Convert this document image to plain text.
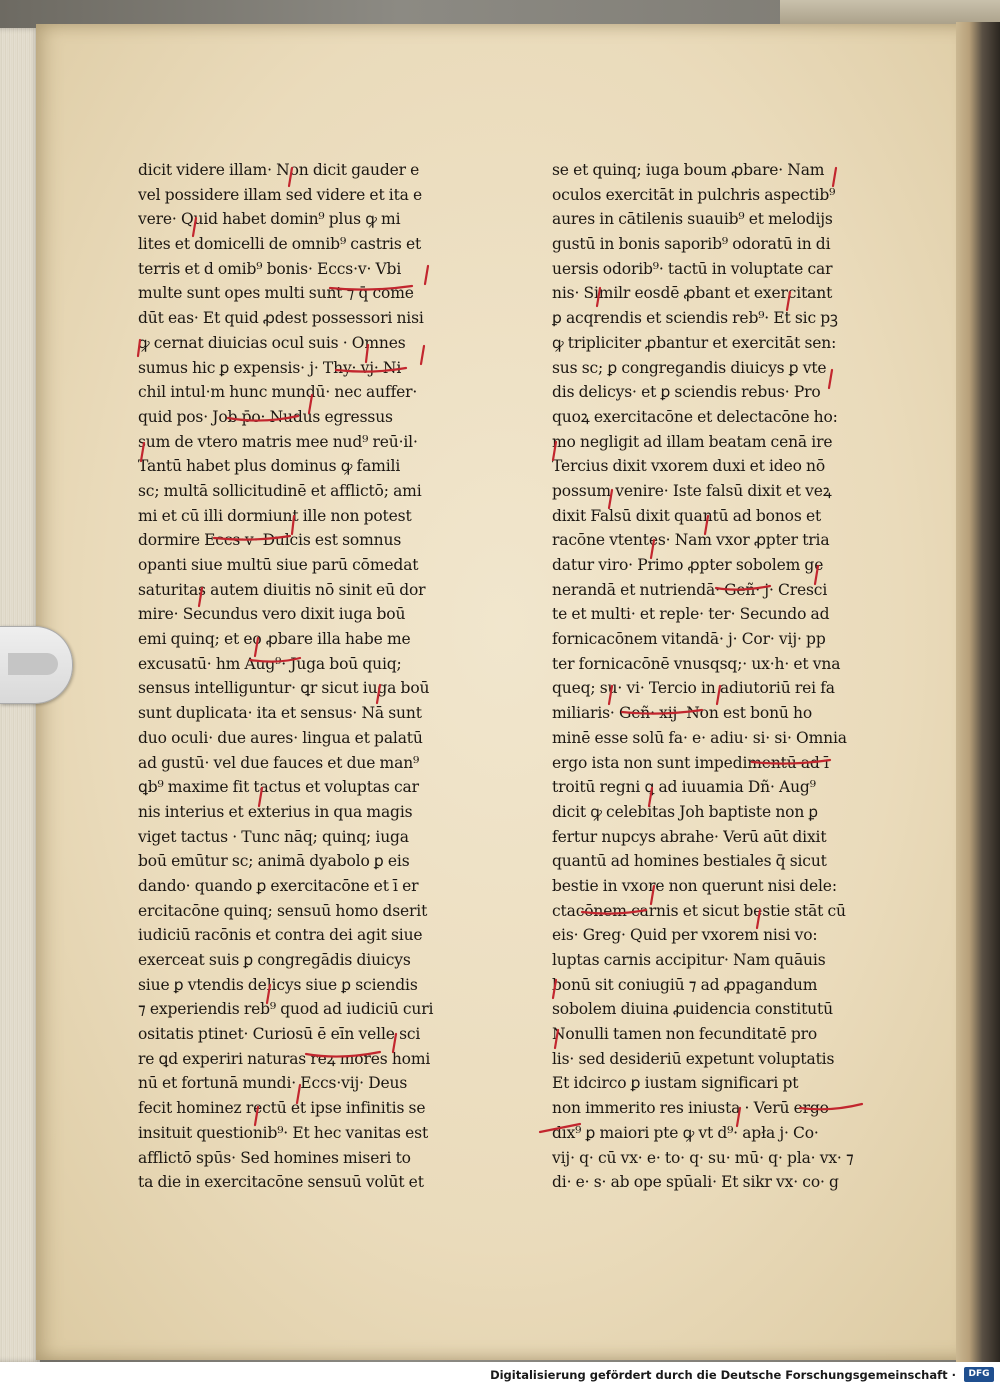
dicit videre illam· Non dicit gauder e
vel possidere illam sed videre et ita e
vere· Quid habet domin⁹ plus ꝙ mi
lites et domicelli de omnib⁹ castris et
terris et d omib⁹ bonis· Eccs·v· Vbi
multe sunt opes multi sunt ⁊ q̄ come
dūt eas· Et quid ꝓdest possessori nisi
ꝙ cernat diuicias ocul suis · Omnes
sumus hic ꝑ expensis· j· Thy· vj· Ni
chil intul·m hunc mundū· nec auffer·
quid pos· Job p̄o· Nudus egressus
sum de vtero matris mee nud⁹ reū·il·
Tantū habet plus dominus ꝙ famili
sc; multā sollicitudinē et afflictō; ami
mi et cū illi dormiunt ille non potest
dormire Eccs·v· Dulcis est somnus
opanti siue multū siue parū cōmedat
saturitas autem diuitis nō sinit eū dor
mire· Secundus vero dixit iuga boū
emi quinq; et eo ꝓbare illa habe me
excusatū· hm Aug⁹· Juga boū quiq;
sensus intelliguntur· ꝗr sicut iuga boū
sunt duplicata· ita et sensus· Nā sunt
duo oculi· due aures· lingua et palatū
ad gustū· vel due fauces et due man⁹
ꝗb⁹ maxime fit tactus et voluptas car
nis interius et exterius in qua magis
viget tactus · Tunc nāq; quinq; iuga
boū emūtur sc; animā dyabolo ꝑ eis
dando· quando ꝑ exercitacōne et ī er
ercitacōne quinq; sensuū homo dserit
iudiciū racōnis et contra dei agit siue
exerceat suis ꝑ congregādis diuicys
siue ꝑ vtendis delicys siue ꝑ sciendis
⁊ experiendis reb⁹ quod ad iudiciū curi
ositatis ptinet· Curiosū ē eīn velle sci
re ꝗd experiri naturas reꝝ mores homi
nū et fortunā mundi· Eccs·vij· Deus
fecit hominez rectū et ipse infinitis se
insituit questionib⁹· Et hec vanitas est
afflictō spūs· Sed homines miseri to
ta die in exercitacōne sensuū volūt et
se et quinq; iuga boum ꝓbare· Nam
oculos exercitāt in pulchris aspectib⁹
aures in cātilenis suauib⁹ et melodijs
gustū in bonis saporib⁹ odoratū in di
uersis odorib⁹· tactū in voluptate car
nis· Similr eosdē ꝓbant et exercitant
ꝑ acqrendis et sciendis reb⁹· Et sic pꝫ
ꝙ tripliciter ꝓbantur et exercitāt sen:
sus sc; ꝑ congregandis diuicys ꝑ vte
dis delicys· et ꝑ sciendis rebus· Pro
quoꝝ exercitacōne et delectacōne ho:
mo negligit ad illam beatam cenā ire
Tercius dixit vxorem duxi et ideo nō
possum venire· Iste falsū dixit et veꝝ
dixit Falsū dixit quantū ad bonos et
racōne vtentes· Nam vxor ꝓpter tria
datur viro· Primo ꝓpter sobolem ge
nerandā et nutriendā· Geñ· j· Cresci
te et multi· et reple· ter· Secundo ad
fornicacōnem vitandā· j· Cor· vij· pp
ter fornicacōnē vnusqsq;· ux·h· et vna
queq; su· vi· Tercio in adiutoriū rei fa
miliaris· Geñ· xij· Non est bonū ho
minē esse solū fa· e· adiu· si· si· Omnia
ergo ista non sunt impedimentū ad ī
troitū regni ꝗ ad iuuamia Dñ· Aug⁹
dicit ꝙ celebitas Joh baptiste non ꝑ
fertur nupcys abrahe· Verū aūt dixit
quantū ad homines bestiales q̄ sicut
bestie in vxore non querunt nisi dele:
ctacōnem carnis et sicut bestie stāt cū
eis· Greg· Quid per vxorem nisi vo:
luptas carnis accipitur· Nam quāuis
bonū sit coniugiū ⁊ ad ꝓpagandum
sobolem diuina ꝓuidencia constitutū
Nonulli tamen non fecunditatē pro
lis· sed desideriū expetunt voluptatis
Et idcirco ꝑ iustam significari pt
non immerito res iniusta · Verū ergo
dix⁹ ꝑ maiori pte ꝙ vt d⁹· apła j· Co·
vij· q· cū vx· e· to· q· su· mū· q· pla· vx· ⁊
di· e· s· ab ope spūali· Et sikr vx· co· g
Digitalisierung gefördert durch die Deutsche Forschungsgemeinschaft ·	DFG
